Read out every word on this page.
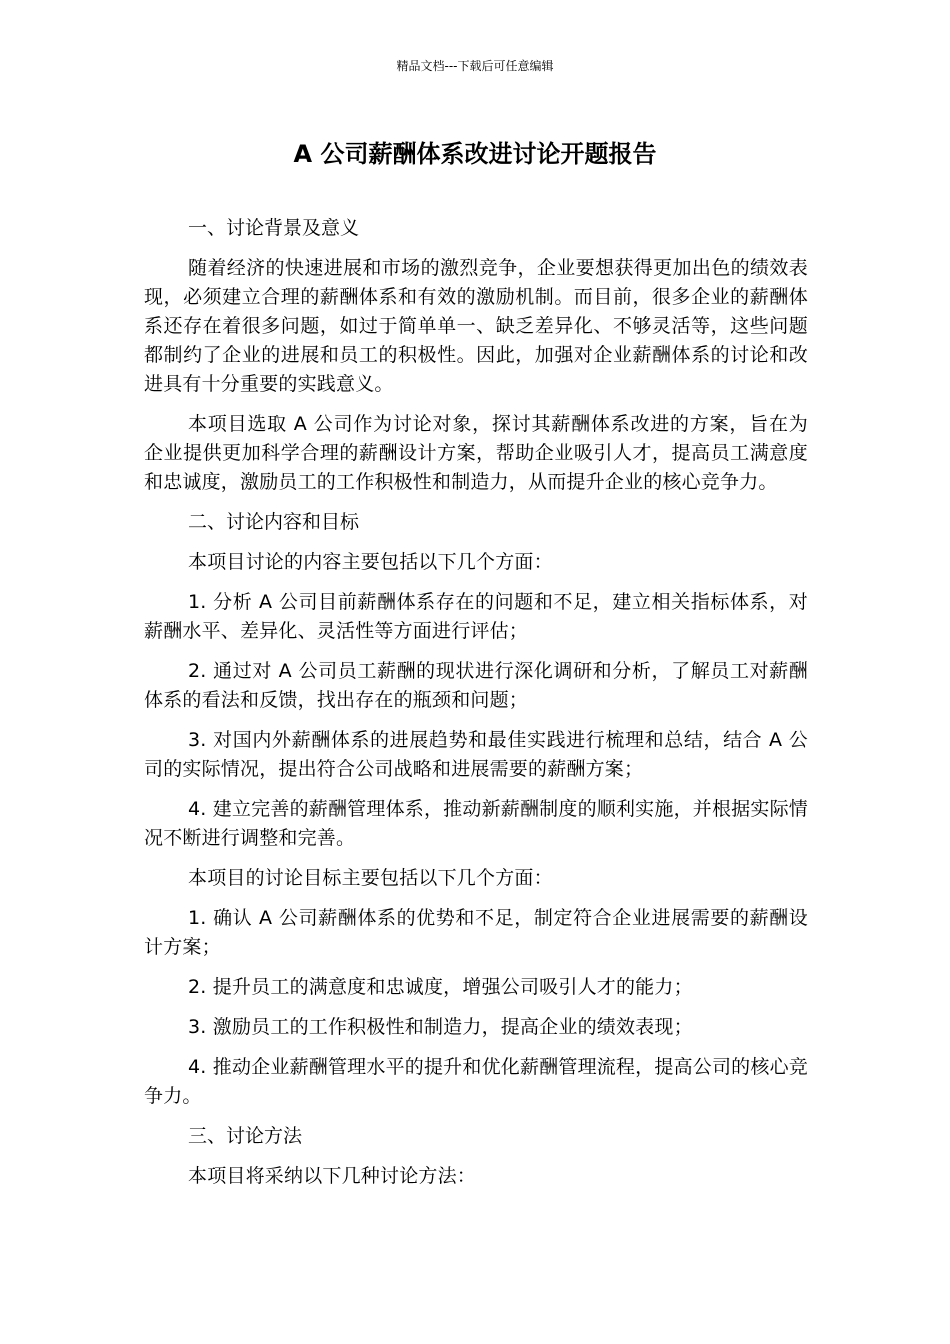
精品文档---下载后可任意编辑
A 公司薪酬体系改进讨论开题报告

一、讨论背景及意义

随着经济的快速进展和市场的激烈竞争，企业要想获得更加出色的绩效表现，必须建立合理的薪酬体系和有效的激励机制。而目前，很多企业的薪酬体系还存在着很多问题，如过于简单单一、缺乏差异化、不够灵活等，这些问题都制约了企业的进展和员工的积极性。因此，加强对企业薪酬体系的讨论和改进具有十分重要的实践意义。

本项目选取 A 公司作为讨论对象，探讨其薪酬体系改进的方案，旨在为企业提供更加科学合理的薪酬设计方案，帮助企业吸引人才，提高员工满意度和忠诚度，激励员工的工作积极性和制造力，从而提升企业的核心竞争力。

二、讨论内容和目标

本项目讨论的内容主要包括以下几个方面：

1. 分析 A 公司目前薪酬体系存在的问题和不足，建立相关指标体系，对薪酬水平、差异化、灵活性等方面进行评估；

2. 通过对 A 公司员工薪酬的现状进行深化调研和分析，了解员工对薪酬体系的看法和反馈，找出存在的瓶颈和问题；

3. 对国内外薪酬体系的进展趋势和最佳实践进行梳理和总结，结合 A 公司的实际情况，提出符合公司战略和进展需要的薪酬方案；

4. 建立完善的薪酬管理体系，推动新薪酬制度的顺利实施，并根据实际情况不断进行调整和完善。

本项目的讨论目标主要包括以下几个方面：

1. 确认 A 公司薪酬体系的优势和不足，制定符合企业进展需要的薪酬设计方案；

2. 提升员工的满意度和忠诚度，增强公司吸引人才的能力；

3. 激励员工的工作积极性和制造力，提高企业的绩效表现；

4. 推动企业薪酬管理水平的提升和优化薪酬管理流程，提高公司的核心竞争力。

三、讨论方法

本项目将采纳以下几种讨论方法：
